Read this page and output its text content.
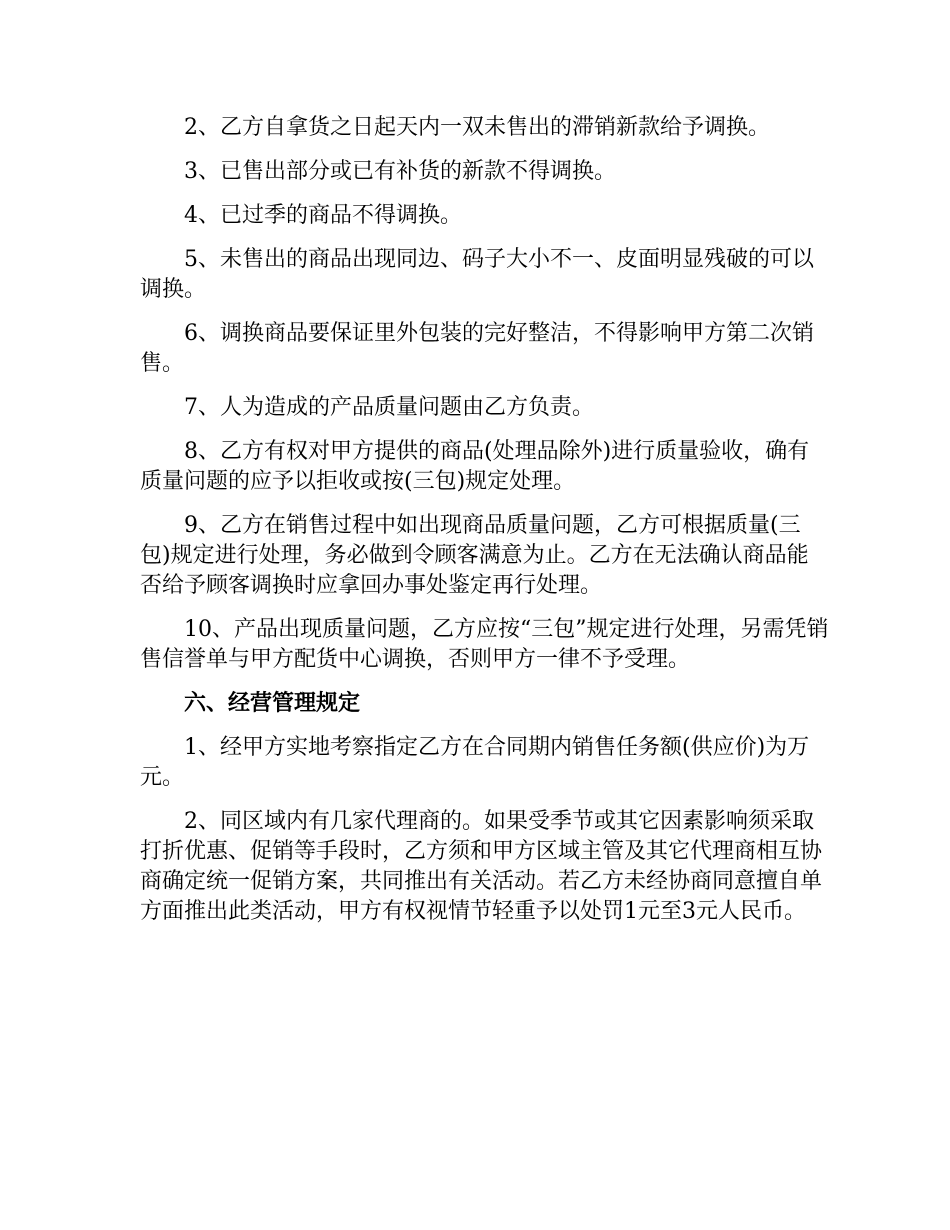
2、乙方自拿货之日起天内一双未售出的滞销新款给予调换。

3、已售出部分或已有补货的新款不得调换。

4、已过季的商品不得调换。

5、未售出的商品出现同边、码子大小不一、皮面明显残破的可以调换。

6、调换商品要保证里外包装的完好整洁，不得影响甲方第二次销售。

7、人为造成的产品质量问题由乙方负责。

8、乙方有权对甲方提供的商品(处理品除外)进行质量验收，确有质量问题的应予以拒收或按(三包)规定处理。

9、乙方在销售过程中如出现商品质量问题，乙方可根据质量(三包)规定进行处理，务必做到令顾客满意为止。乙方在无法确认商品能否给予顾客调换时应拿回办事处鉴定再行处理。

10、产品出现质量问题，乙方应按“三包”规定进行处理，另需凭销售信誉单与甲方配货中心调换，否则甲方一律不予受理。

六、经营管理规定

1、经甲方实地考察指定乙方在合同期内销售任务额(供应价)为万元。

2、同区域内有几家代理商的。如果受季节或其它因素影响须采取打折优惠、促销等手段时，乙方须和甲方区域主管及其它代理商相互协商确定统一促销方案，共同推出有关活动。若乙方未经协商同意擅自单方面推出此类活动，甲方有权视情节轻重予以处罚1元至3元人民币。
